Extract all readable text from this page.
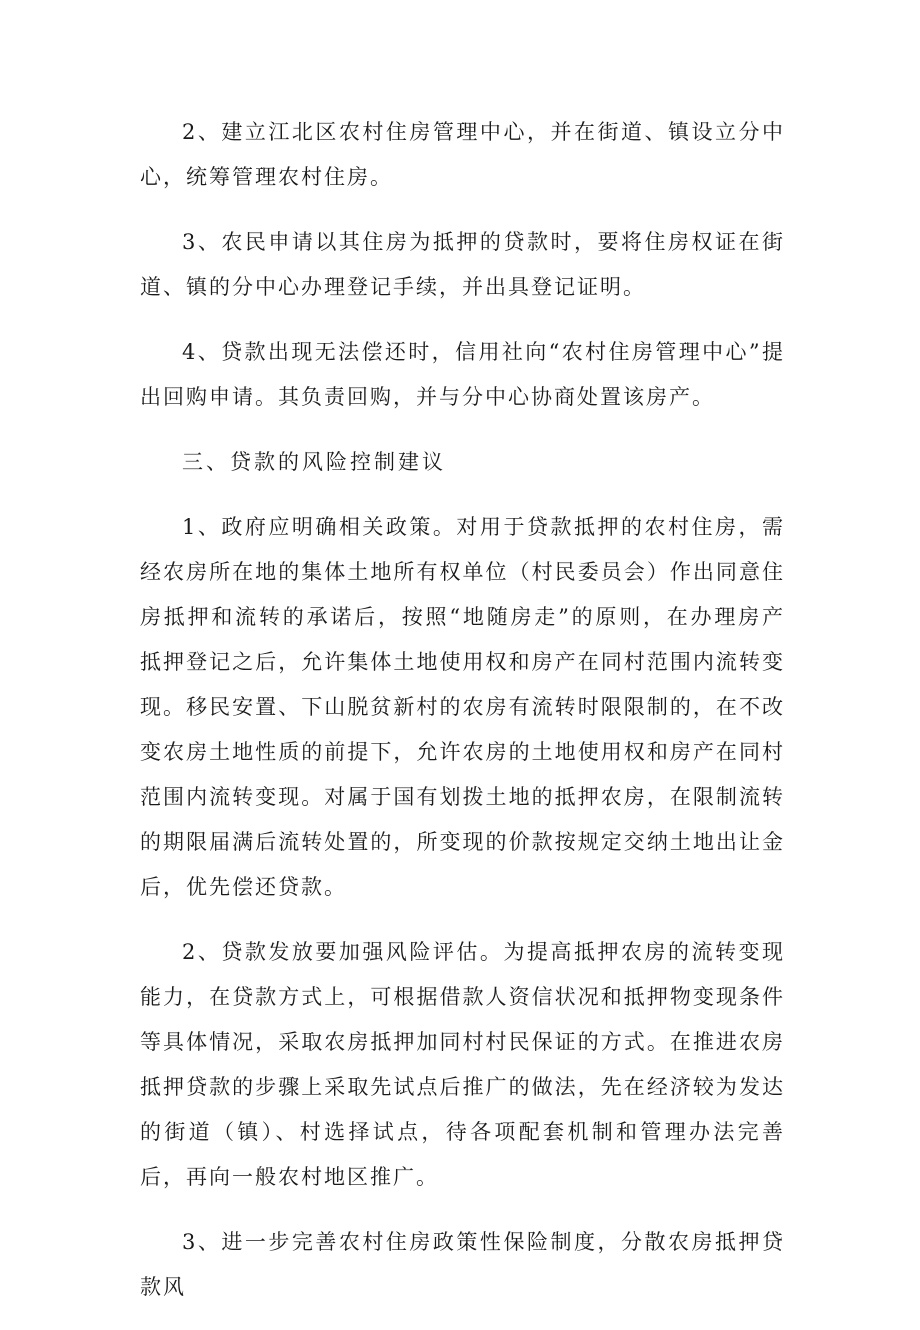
2、建立江北区农村住房管理中心，并在街道、镇设立分中心，统筹管理农村住房。

3、农民申请以其住房为抵押的贷款时，要将住房权证在街道、镇的分中心办理登记手续，并出具登记证明。

4、贷款出现无法偿还时，信用社向“农村住房管理中心”提出回购申请。其负责回购，并与分中心协商处置该房产。

三、贷款的风险控制建议

1、政府应明确相关政策。对用于贷款抵押的农村住房，需经农房所在地的集体土地所有权单位（村民委员会）作出同意住房抵押和流转的承诺后，按照“地随房走”的原则，在办理房产抵押登记之后，允许集体土地使用权和房产在同村范围内流转变现。移民安置、下山脱贫新村的农房有流转时限限制的，在不改变农房土地性质的前提下，允许农房的土地使用权和房产在同村范围内流转变现。对属于国有划拨土地的抵押农房，在限制流转的期限届满后流转处置的，所变现的价款按规定交纳土地出让金后，优先偿还贷款。

2、贷款发放要加强风险评估。为提高抵押农房的流转变现能力，在贷款方式上，可根据借款人资信状况和抵押物变现条件等具体情况，采取农房抵押加同村村民保证的方式。在推进农房抵押贷款的步骤上采取先试点后推广的做法，先在经济较为发达的街道（镇）、村选择试点，待各项配套机制和管理办法完善后，再向一般农村地区推广。

3、进一步完善农村住房政策性保险制度，分散农房抵押贷款风
